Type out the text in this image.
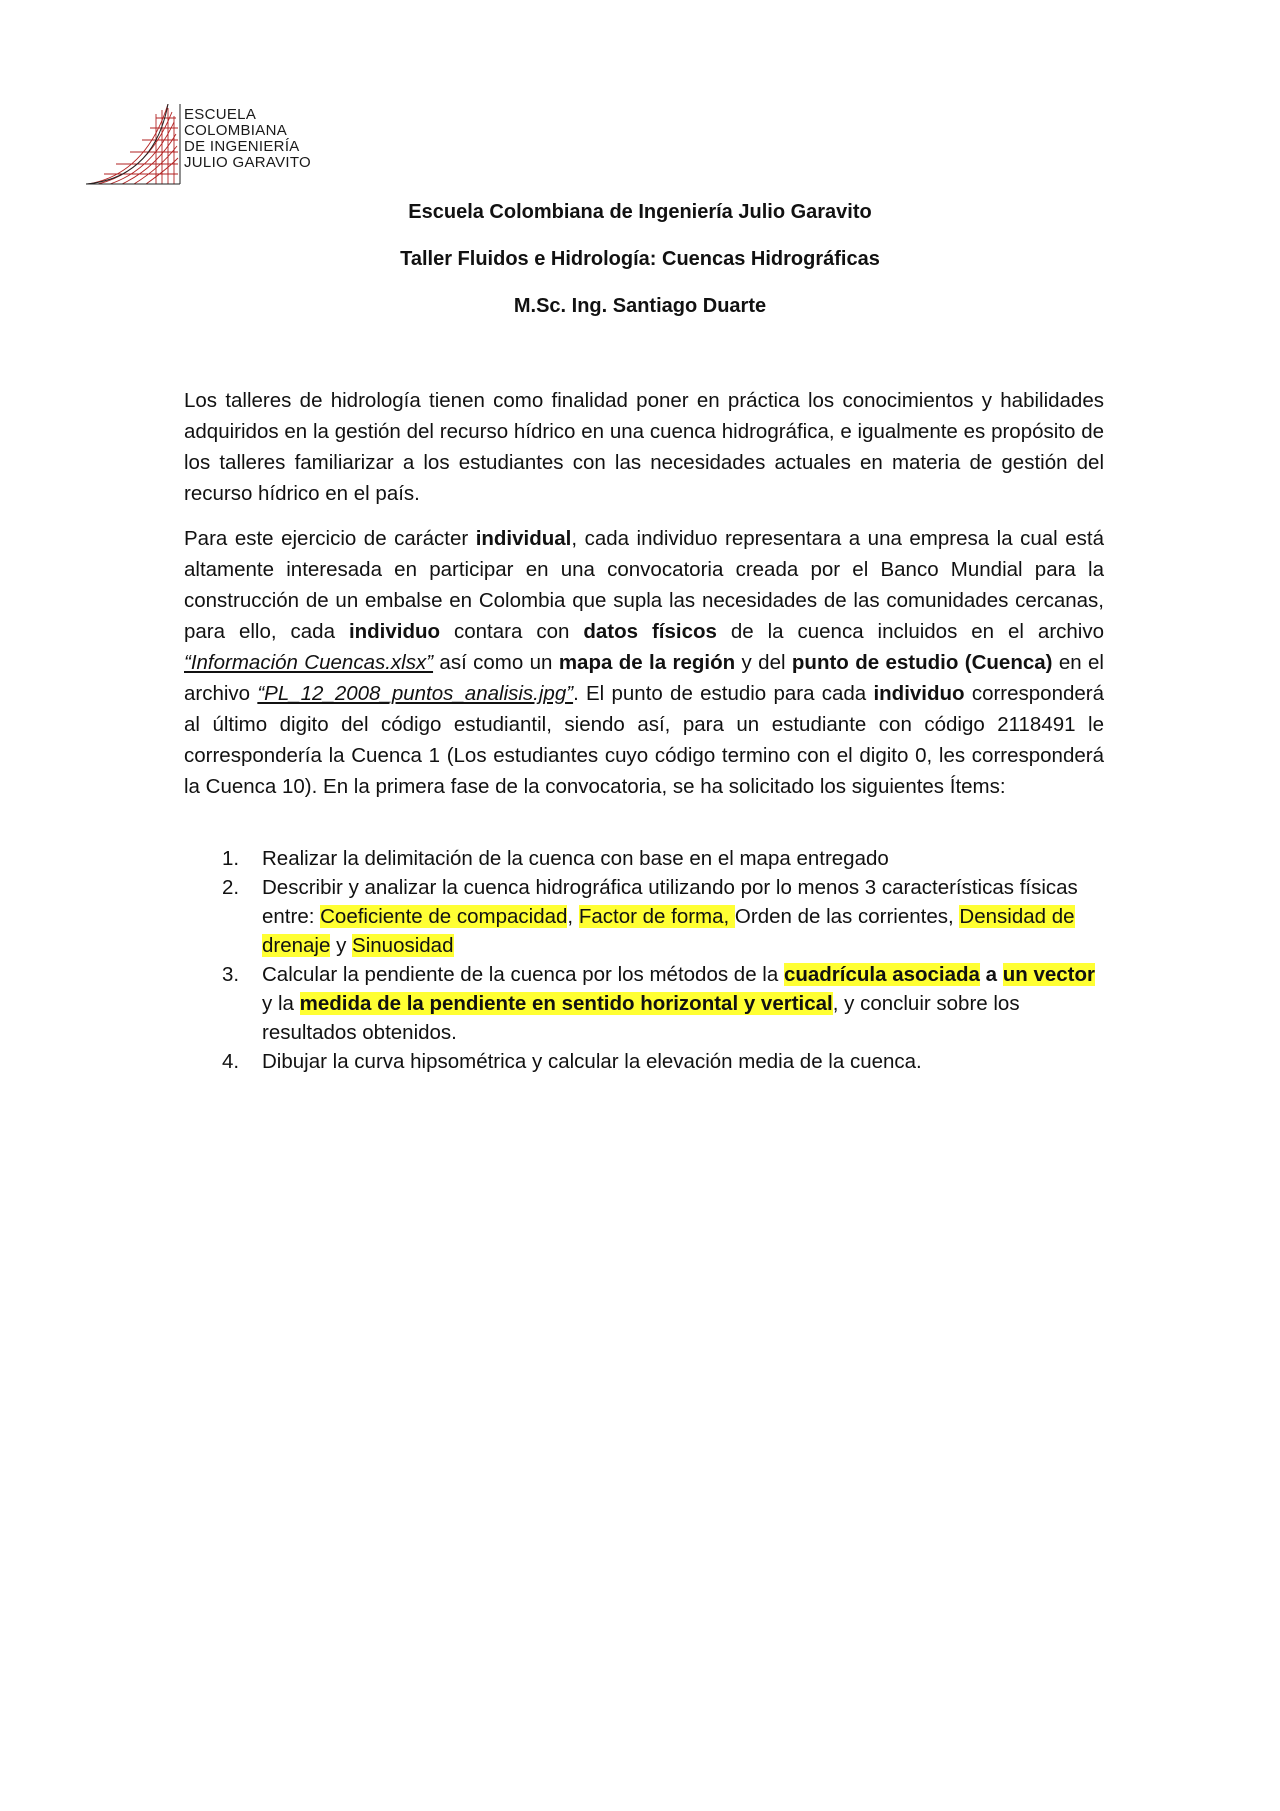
ESCUELA
COLOMBIANA
DE INGENIERÍA
JULIO GARAVITO
Escuela Colombiana de Ingeniería Julio Garavito
Taller Fluidos e Hidrología: Cuencas Hidrográficas
M.Sc. Ing. Santiago Duarte

Los talleres de hidrología tienen como finalidad poner en práctica los conocimientos y habilidades adquiridos en la gestión del recurso hídrico en una cuenca hidrográfica, e igualmente es propósito de los talleres familiarizar a los estudiantes con las necesidades actuales en materia de gestión del recurso hídrico en el país.

Para este ejercicio de carácter individual, cada individuo representara a una empresa la cual está altamente interesada en participar en una convocatoria creada por el Banco Mundial para la construcción de un embalse en Colombia que supla las necesidades de las comunidades cercanas, para ello, cada individuo contara con datos físicos de la cuenca incluidos en el archivo “Información Cuencas.xlsx” así como un mapa de la región y del punto de estudio (Cuenca) en el archivo “PL_12_2008_puntos_analisis.jpg”. El punto de estudio para cada individuo corresponderá al último digito del código estudiantil, siendo así, para un estudiante con código 2118491 le correspondería la Cuenca 1 (Los estudiantes cuyo código termino con el digito 0, les corresponderá la Cuenca 10). En la primera fase de la convocatoria, se ha solicitado los siguientes Ítems:

1. Realizar la delimitación de la cuenca con base en el mapa entregado
2. Describir y analizar la cuenca hidrográfica utilizando por lo menos 3 características físicas entre: Coeficiente de compacidad, Factor de forma, Orden de las corrientes, Densidad de drenaje y Sinuosidad
3. Calcular la pendiente de la cuenca por los métodos de la cuadrícula asociada a un vector y la medida de la pendiente en sentido horizontal y vertical, y concluir sobre los resultados obtenidos.
4. Dibujar la curva hipsométrica y calcular la elevación media de la cuenca.
